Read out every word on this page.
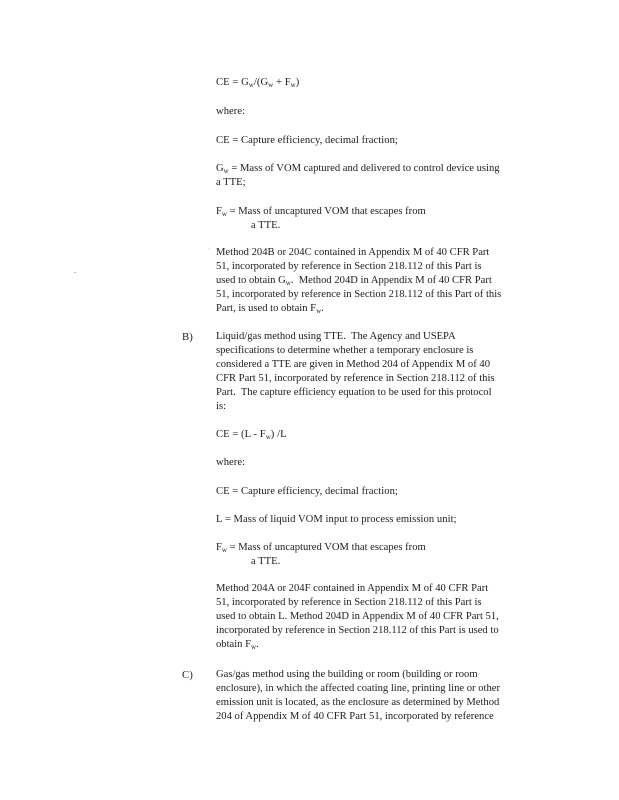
·
-
CE = $G_w/(G_w + F_w)$
where:
CE = Capture efficiency, decimal fraction;
$G_w$ = Mass of VOM captured and delivered to control device using
a TTE;
$F_w$ = Mass of uncaptured VOM that escapes from
a TTE.
Method 204B or 204C contained in Appendix M of 40 CFR Part
51, incorporated by reference in Section 218.112 of this Part is
used to obtain $G_w$.  Method 204D in Appendix M of 40 CFR Part
51, incorporated by reference in Section 218.112 of this Part of this
Part, is used to obtain $F_w$.
B) Liquid/gas method using TTE.  The Agency and USEPA
specifications to determine whether a temporary enclosure is
considered a TTE are given in Method 204 of Appendix M of 40
CFR Part 51, incorporated by reference in Section 218.112 of this
Part.  The capture efficiency equation to be used for this protocol
is:
CE = $(L - F_w)$ /L
where:
CE = Capture efficiency, decimal fraction;
L = Mass of liquid VOM input to process emission unit;
$F_w$ = Mass of uncaptured VOM that escapes from
a TTE.
Method 204A or 204F contained in Appendix M of 40 CFR Part
51, incorporated by reference in Section 218.112 of this Part is
used to obtain L. Method 204D in Appendix M of 40 CFR Part 51,
incorporated by reference in Section 218.112 of this Part is used to
obtain $F_w$.
C) Gas/gas method using the building or room (building or room
enclosure), in which the affected coating line, printing line or other
emission unit is located, as the enclosure as determined by Method
204 of Appendix M of 40 CFR Part 51, incorporated by reference
